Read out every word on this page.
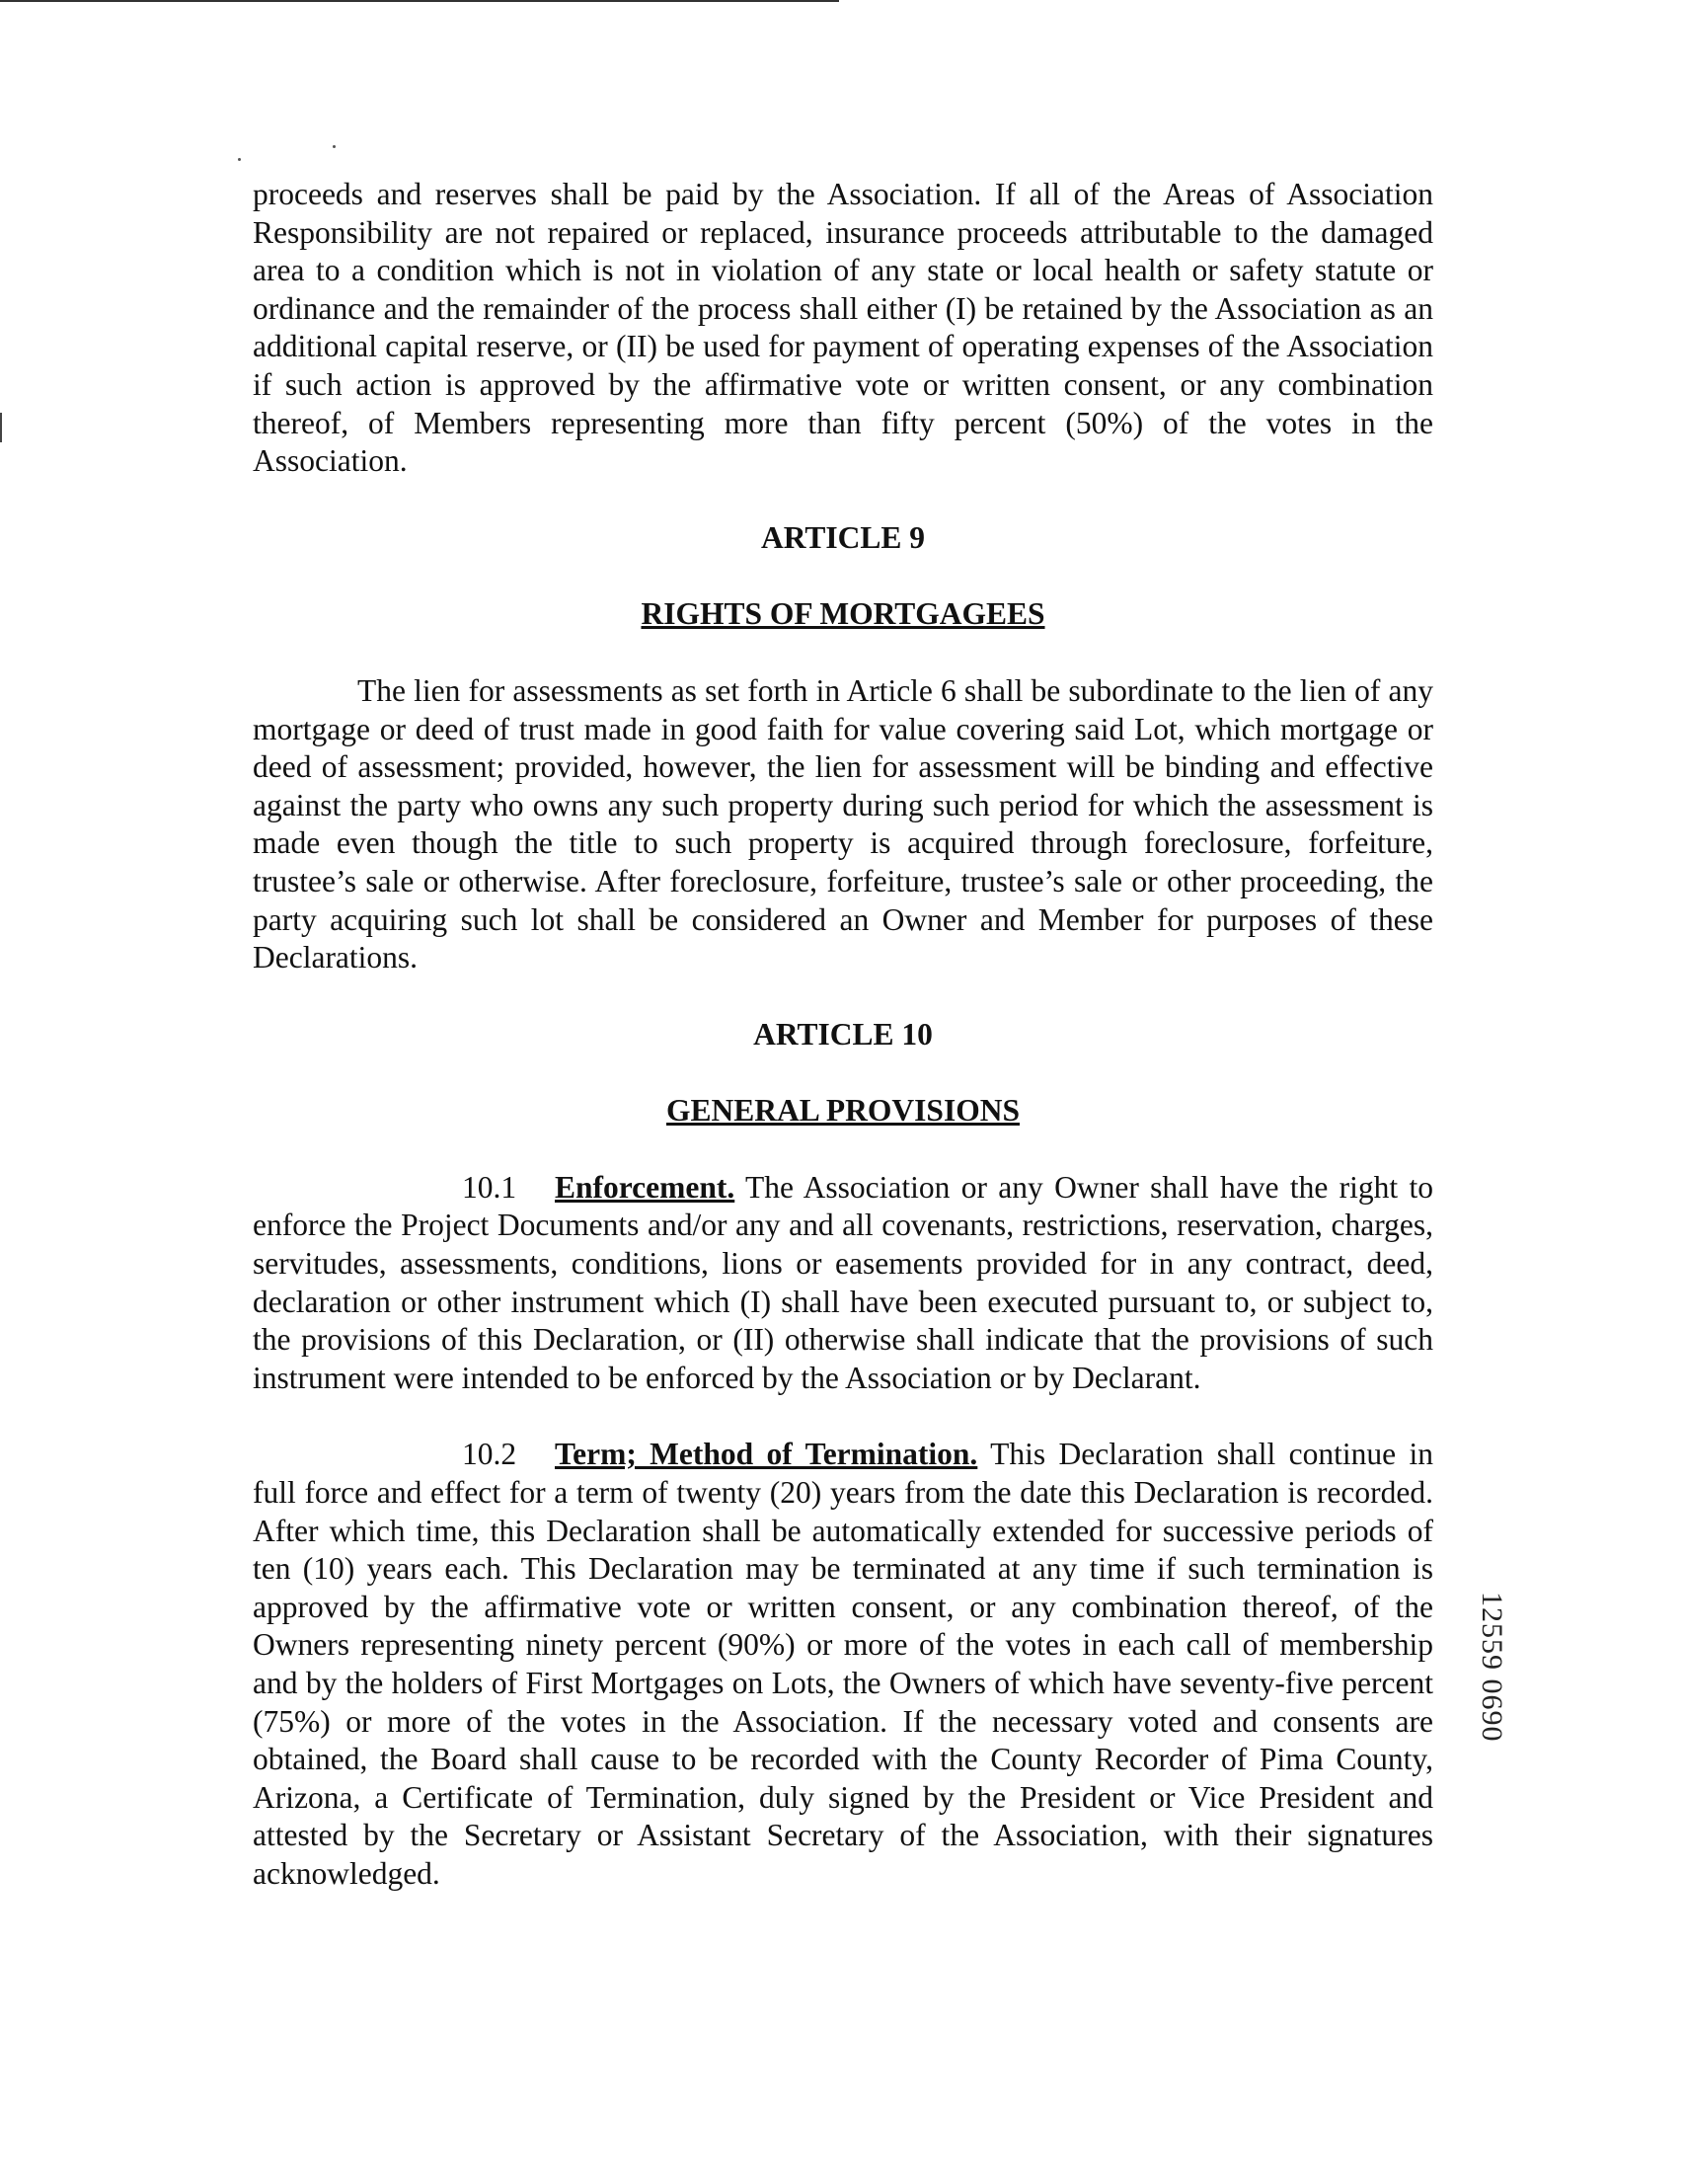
proceeds and reserves shall be paid by the Association. If all of the Areas of Association Responsibility are not repaired or replaced, insurance proceeds attributable to the damaged area to a condition which is not in violation of any state or local health or safety statute or ordinance and the remainder of the process shall either (I) be retained by the Association as an additional capital reserve, or (II) be used for payment of operating expenses of the Association if such action is approved by the affirmative vote or written consent, or any combination thereof, of Members representing more than fifty percent (50%) of the votes in the Association.

ARTICLE 9

RIGHTS OF MORTGAGEES

The lien for assessments as set forth in Article 6 shall be subordinate to the lien of any mortgage or deed of trust made in good faith for value covering said Lot, which mortgage or deed of assessment; provided, however, the lien for assessment will be binding and effective against the party who owns any such property during such period for which the assessment is made even though the title to such property is acquired through foreclosure, forfeiture, trustee’s sale or otherwise. After foreclosure, forfeiture, trustee’s sale or other proceeding, the party acquiring such lot shall be considered an Owner and Member for purposes of these Declarations.

ARTICLE 10

GENERAL PROVISIONS

10.1 Enforcement. The Association or any Owner shall have the right to enforce the Project Documents and/or any and all covenants, restrictions, reservation, charges, servitudes, assessments, conditions, lions or easements provided for in any contract, deed, declaration or other instrument which (I) shall have been executed pursuant to, or subject to, the provisions of this Declaration, or (II) otherwise shall indicate that the provisions of such instrument were intended to be enforced by the Association or by Declarant.

10.2 Term; Method of Termination. This Declaration shall continue in full force and effect for a term of twenty (20) years from the date this Declaration is recorded. After which time, this Declaration shall be automatically extended for successive periods of ten (10) years each. This Declaration may be terminated at any time if such termination is approved by the affirmative vote or written consent, or any combination thereof, of the Owners representing ninety percent (90%) or more of the votes in each call of membership and by the holders of First Mortgages on Lots, the Owners of which have seventy-five percent (75%) or more of the votes in the Association. If the necessary voted and consents are obtained, the Board shall cause to be recorded with the County Recorder of Pima County, Arizona, a Certificate of Termination, duly signed by the President or Vice President and attested by the Secretary or Assistant Secretary of the Association, with their signatures acknowledged.

12559 0690
